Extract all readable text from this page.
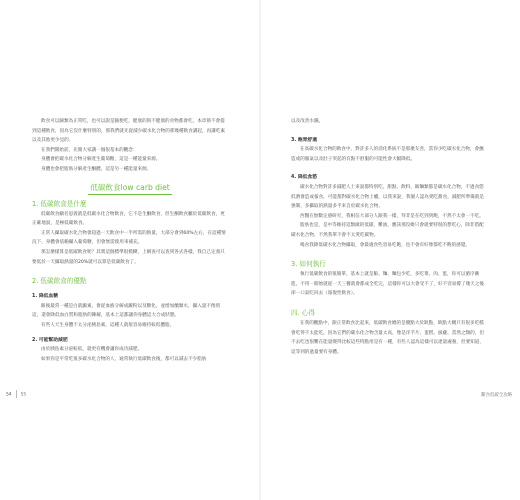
飲食可以歸類為正常吃，也可以說是隨便吃，健康的與不健康的食物都會吃，本章節不會提到這種飲食，因為它沒什麼特別的，那我們就先從減少碳水化合物的那幾種飲食講起，再講吃素以及其他更少見的。

在我們開始前，先簡大家講一個很基本的觀念：

身體會把碳水化合物分解產生葡萄糖，這是一種能量來源。

身體也會把脂肪分解產生酮體，這是另一種能量來源。

低碳飲食low carb diet

1. 低碳飲食是什麼

低碳飲食顧名思義就是低碳水化合物飲食，它不是生酮飲食，但生酮飲食屬於低碳飲食，更正確地說，是極低碳飲食。

正常人攝取碳水化合物會超過一天飲食中一半所需的熱量，大部分會到60%左右，在這種情況下，身體會依賴攝入葡萄糖，但會無需使用來補充。

那怎麼樣算是低碳飲食呢？其實這個標準很模糊，上網查可以查到各式各樣，我自己定義只要低於一天攝取熱量的20%就可以算是低碳飲食了。

2. 低碳飲食的優點

1. 降低血糖

飯後最常一種是白就澱素，會從血液分解成澱粉以及糖化，並增加醣類水，攝入量不像別這，還會降低血白質和脂肪的陳解，基本上這都讓你身體這大合成狀態。

有些人天生身體不太分泌胰島素，這種人就很容易維持較低體脂。

2. 可能幫助減肥

由於胰島素分泌較低，就更有機會讓你成功減肥。

如果你是平常吃很多碳水化合物的人，通常執行低碳飲食後，都可以減去不少脂肪

54 55

以及改善水腫。

3. 飽胃舒適

在高碳水化合物的飲食中，對許多人的消化系統不是那麼友善，當你少吃碳水化合物，會撫造成的脹氣以及肚子突起的有點不舒服的可能性會大幅降低。

4. 降低食慾

碳水化合物對許多減肥人士來說都特別吃，甜點、飲料、飯麵類都是碳水化合物，不過食慾低潛會造成報食，可能都對碳水化合物上癮，以我來說，我個人認為愛吃甜食，減肥所準備就是強制，多攝取的熱量多半來自於碳水化合物。

西醫在無數定感研究，我相信大部分人跟我一樣，拜非是在吃到到飽，不然不太會一不吃。

脂肪也是，是中等維持這類做的低碳，難油，應該那沒維只會就要特很的想吃心，除非搭配碳水化合物，不然我單不會不太愛吃碳物。

喝食我降低碳水化合物攝取，會最適食些容易吃飽，也不會有好像都吃不飽的感覺。

3. 如何執行

執行低碳飲食的很簡單，基本上就是飯、麵、麵包少吃，多吃菜、肉、蛋，你可以循序漸進，不用一開始就從一天三餐就會都成全吃完，這樣你可以大會受不了，好不容易撐了幾天之後卻一口氣吃回去（報復性飲食）。

四. 心得

在我的觀點中，跟正常飲食比起來，低碳飲食總的是優點大於缺點，缺點大概只有很多吃檔會吃得不太能吃，因為它們的碳水化合物含量太高，像是洋芋片、蛋糕、披薩，當然之類的，但不去吃也很難在能量變得比較這些特點用是有一種，有些人認為這樣可以達量處養，但要知道，這等到的過量要有身體。

斷食低碳全攻略
